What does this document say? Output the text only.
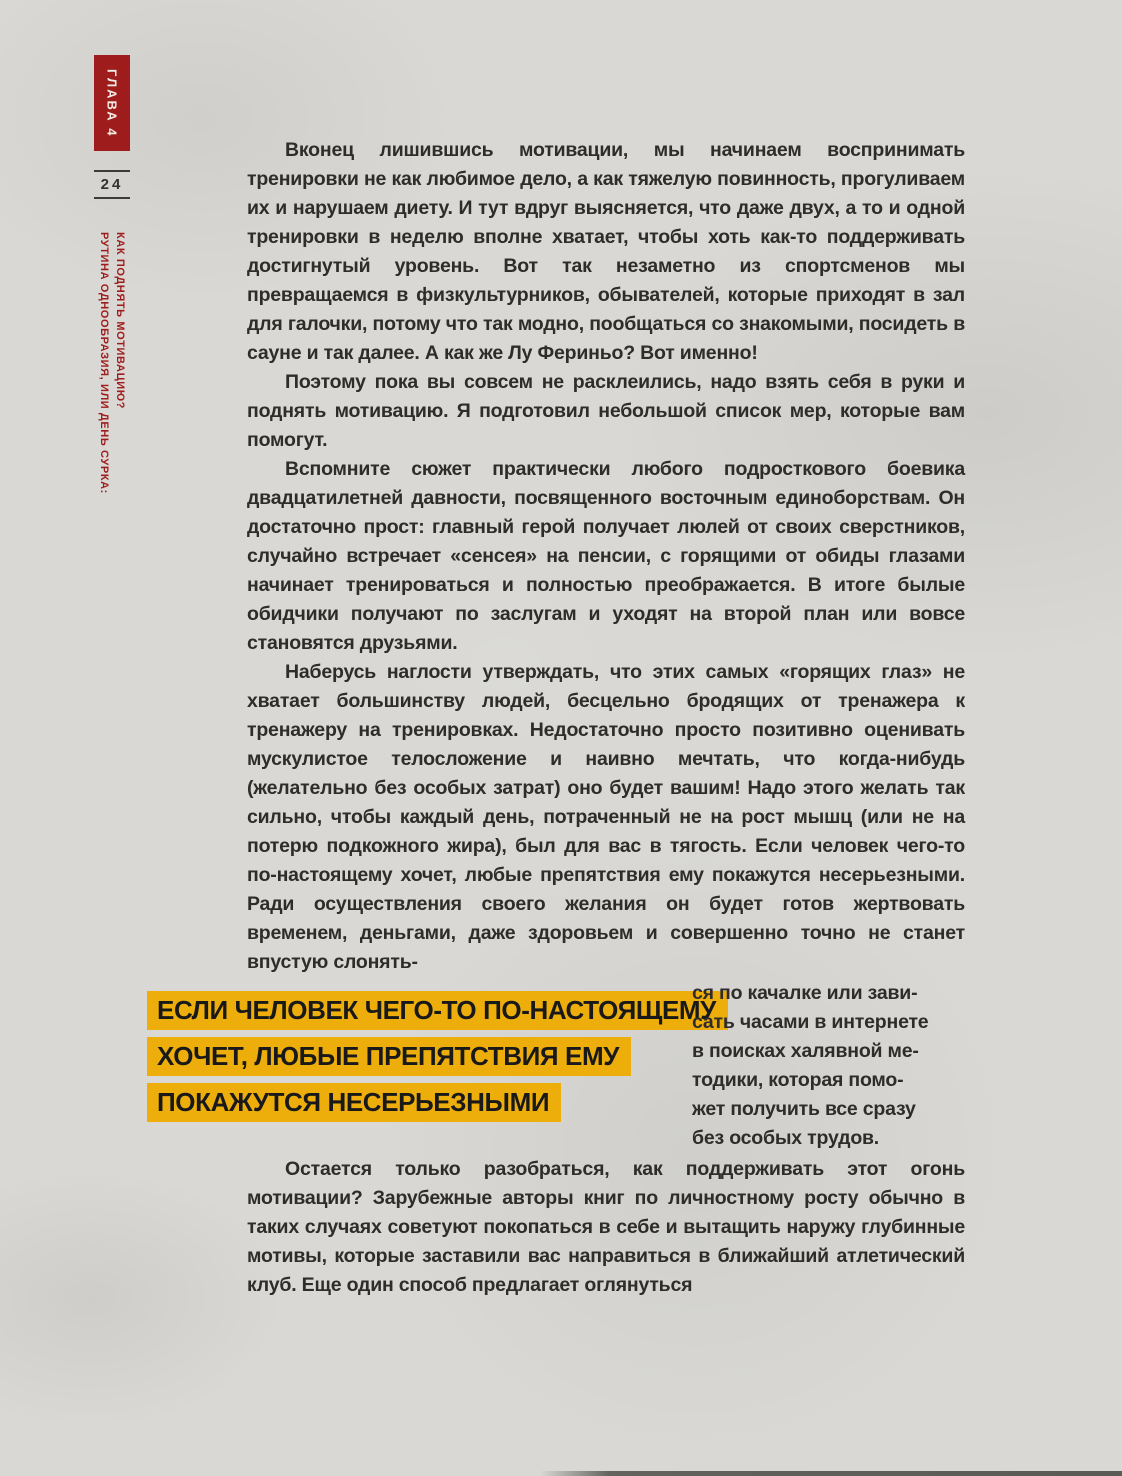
ГЛАВА 4
24
РУТИНА ОДНООБРАЗИЯ, ИЛИ ДЕНЬ СУРКА: КАК ПОДНЯТЬ МОТИВАЦИЮ?

Вконец лишившись мотивации, мы начинаем воспринимать тренировки не как любимое дело, а как тяжелую повинность, прогуливаем их и нарушаем диету. И тут вдруг выясняется, что даже двух, а то и одной тренировки в неделю вполне хватает, чтобы хоть как-то поддерживать достигнутый уровень. Вот так незаметно из спортсменов мы превращаемся в физкультурников, обывателей, которые приходят в зал для галочки, потому что так модно, пообщаться со знакомыми, посидеть в сауне и так далее. А как же Лу Фериньо? Вот именно!

Поэтому пока вы совсем не расклеились, надо взять себя в руки и поднять мотивацию. Я подготовил небольшой список мер, которые вам помогут.

Вспомните сюжет практически любого подросткового боевика двадцатилетней давности, посвященного восточным единоборствам. Он достаточно прост: главный герой получает люлей от своих сверстников, случайно встречает «сенсея» на пенсии, с горящими от обиды глазами начинает тренироваться и полностью преображается. В итоге былые обидчики получают по заслугам и уходят на второй план или вовсе становятся друзьями.

Наберусь наглости утверждать, что этих самых «горящих глаз» не хватает большинству людей, бесцельно бродящих от тренажера к тренажеру на тренировках. Недостаточно просто позитивно оценивать мускулистое телосложение и наивно мечтать, что когда-нибудь (желательно без особых затрат) оно будет вашим! Надо этого желать так сильно, чтобы каждый день, потраченный не на рост мышц (или не на потерю подкожного жира), был для вас в тягость. Если человек чего-то по-настоящему хочет, любые препятствия ему покажутся несерьезными. Ради осуществления своего желания он будет готов жертвовать временем, деньгами, даже здоровьем и совершенно точно не станет впустую слонять-

ЕСЛИ ЧЕЛОВЕК ЧЕГО-ТО ПО-НАСТОЯЩЕМУ
ХОЧЕТ, ЛЮБЫЕ ПРЕПЯТСТВИЯ ЕМУ
ПОКАЖУТСЯ НЕСЕРЬЕЗНЫМИ
ся по качалке или зави-
сать часами в интернете
в поисках халявной ме-
тодики, которая помо-
жет получить все сразу
без особых трудов.

Остается только разобраться, как поддерживать этот огонь мотивации? Зарубежные авторы книг по личностному росту обычно в таких случаях советуют покопаться в себе и вытащить наружу глубинные мотивы, которые заставили вас направиться в ближайший атлетический клуб. Еще один способ предлагает оглянуться
